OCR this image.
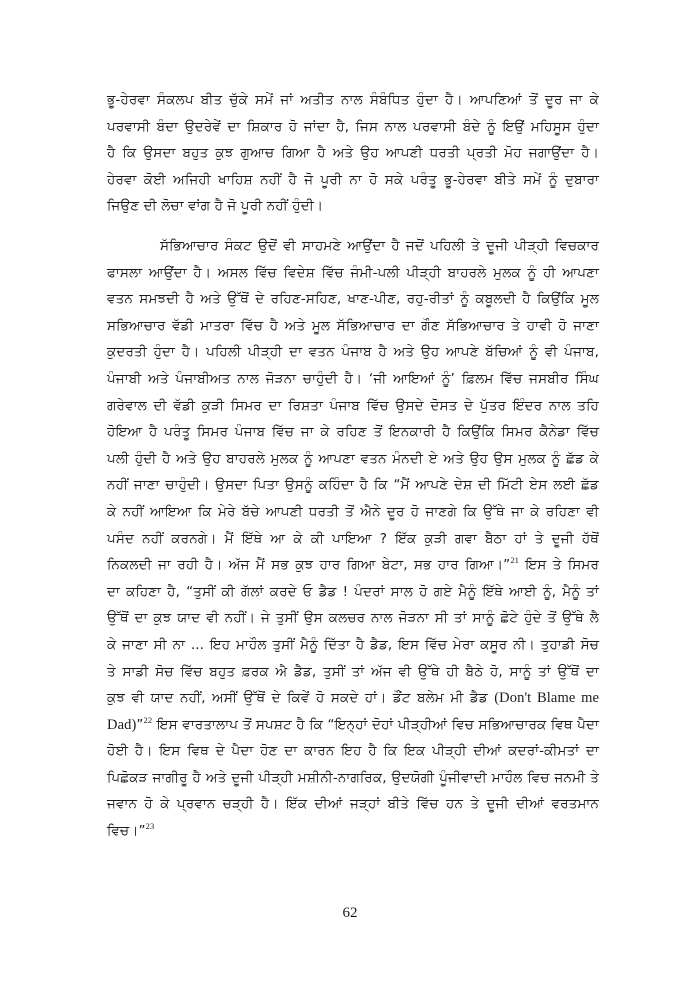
ਭੂ-ਹੇਰਵਾ ਸੰਕਲਪ ਬੀਤ ਚੁੱਕੇ ਸਮੇਂ ਜਾਂ ਅਤੀਤ ਨਾਲ ਸੰਬੰਧਿਤ ਹੁੰਦਾ ਹੈ। ਆਪਣਿਆਂ ਤੋਂ ਦੂਰ ਜਾ ਕੇ
ਪਰਵਾਸੀ ਬੰਦਾ ਉਦਰੇਵੇਂ ਦਾ ਸ਼ਿਕਾਰ ਹੋ ਜਾਂਦਾ ਹੈ, ਜਿਸ ਨਾਲ ਪਰਵਾਸੀ ਬੰਦੇ ਨੂੰ ਇਉਂ ਮਹਿਸੂਸ ਹੁੰਦਾ
ਹੈ ਕਿ ਉਸਦਾ ਬਹੁਤ ਕੁਝ ਗੁਆਚ ਗਿਆ ਹੈ ਅਤੇ ਉਹ ਆਪਣੀ ਧਰਤੀ ਪ੍ਰਤੀ ਮੋਹ ਜਗਾਉਂਦਾ ਹੈ।
ਹੇਰਵਾ ਕੋਈ ਅਜਿਹੀ ਖਾਹਿਸ਼ ਨਹੀਂ ਹੈ ਜੋ ਪੂਰੀ ਨਾ ਹੋ ਸਕੇ ਪਰੰਤੂ ਭੂ-ਹੇਰਵਾ ਬੀਤੇ ਸਮੇਂ ਨੂੰ ਦੁਬਾਰਾ
ਜਿਉਣ ਦੀ ਲੋਚਾ ਵਾਂਗ ਹੈ ਜੋ ਪੂਰੀ ਨਹੀਂ ਹੁੰਦੀ।
ਸੱਭਿਆਚਾਰ ਸੰਕਟ ਉਦੋਂ ਵੀ ਸਾਹਮਣੇ ਆਉਂਦਾ ਹੈ ਜਦੋਂ ਪਹਿਲੀ ਤੇ ਦੂਜੀ ਪੀੜ੍ਹੀ ਵਿਚਕਾਰ
ਫਾਸਲਾ ਆਉਂਦਾ ਹੈ। ਅਸਲ ਵਿੱਚ ਵਿਦੇਸ਼ ਵਿੱਚ ਜੰਮੀ-ਪਲੀ ਪੀੜ੍ਹੀ ਬਾਹਰਲੇ ਮੁਲਕ ਨੂੰ ਹੀ ਆਪਣਾ
ਵਤਨ ਸਮਝਦੀ ਹੈ ਅਤੇ ਉੱਥੋਂ ਦੇ ਰਹਿਣ-ਸਹਿਣ, ਖਾਣ-ਪੀਣ, ਰਹੁ-ਰੀਤਾਂ ਨੂੰ ਕਬੂਲਦੀ ਹੈ ਕਿਉਂਕਿ ਮੂਲ
ਸਭਿਆਚਾਰ ਵੱਡੀ ਮਾਤਰਾ ਵਿੱਚ ਹੈ ਅਤੇ ਮੂਲ ਸੱਭਿਆਚਾਰ ਦਾ ਗੌਣ ਸੱਭਿਆਚਾਰ ਤੇ ਹਾਵੀ ਹੋ ਜਾਣਾ
ਕੁਦਰਤੀ ਹੁੰਦਾ ਹੈ। ਪਹਿਲੀ ਪੀੜ੍ਹੀ ਦਾ ਵਤਨ ਪੰਜਾਬ ਹੈ ਅਤੇ ਉਹ ਆਪਣੇ ਬੱਚਿਆਂ ਨੂੰ ਵੀ ਪੰਜਾਬ,
ਪੰਜਾਬੀ ਅਤੇ ਪੰਜਾਬੀਅਤ ਨਾਲ ਜੋੜਨਾ ਚਾਹੁੰਦੀ ਹੈ। ‘ਜੀ ਆਇਆਂ ਨੂੰ’ ਫ਼ਿਲਮ ਵਿੱਚ ਜਸਬੀਰ ਸਿੰਘ
ਗਰੇਵਾਲ ਦੀ ਵੱਡੀ ਕੁੜੀ ਸਿਮਰ ਦਾ ਰਿਸ਼ਤਾ ਪੰਜਾਬ ਵਿੱਚ ਉਸਦੇ ਦੋਸਤ ਦੇ ਪੁੱਤਰ ਇੰਦਰ ਨਾਲ ਤਹਿ
ਹੋਇਆ ਹੈ ਪਰੰਤੂ ਸਿਮਰ ਪੰਜਾਬ ਵਿੱਚ ਜਾ ਕੇ ਰਹਿਣ ਤੋਂ ਇਨਕਾਰੀ ਹੈ ਕਿਉਂਕਿ ਸਿਮਰ ਕੈਨੇਡਾ ਵਿੱਚ
ਪਲੀ ਹੁੰਦੀ ਹੈ ਅਤੇ ਉਹ ਬਾਹਰਲੇ ਮੁਲਕ ਨੂੰ ਆਪਣਾ ਵਤਨ ਮੰਨਦੀ ਏ ਅਤੇ ਉਹ ਉਸ ਮੁਲਕ ਨੂੰ ਛੱਡ ਕੇ
ਨਹੀਂ ਜਾਣਾ ਚਾਹੁੰਦੀ। ਉਸਦਾ ਪਿਤਾ ਉਸਨੂੰ ਕਹਿੰਦਾ ਹੈ ਕਿ “ਮੈਂ ਆਪਣੇ ਦੇਸ਼ ਦੀ ਮਿੱਟੀ ਏਸ ਲਈ ਛੱਡ
ਕੇ ਨਹੀਂ ਆਇਆ ਕਿ ਮੇਰੇ ਬੱਚੇ ਆਪਣੀ ਧਰਤੀ ਤੋਂ ਐਨੇ ਦੂਰ ਹੋ ਜਾਣਗੇ ਕਿ ਉੱਥੇ ਜਾ ਕੇ ਰਹਿਣਾ ਵੀ
ਪਸੰਦ ਨਹੀਂ ਕਰਨਗੇ। ਮੈਂ ਇੱਥੇ ਆ ਕੇ ਕੀ ਪਾਇਆ ? ਇੱਕ ਕੁੜੀ ਗਵਾ ਬੈਠਾ ਹਾਂ ਤੇ ਦੂਜੀ ਹੱਥੋਂ
ਨਿਕਲਦੀ ਜਾ ਰਹੀ ਹੈ। ਅੱਜ ਮੈਂ ਸਭ ਕੁਝ ਹਾਰ ਗਿਆ ਬੇਟਾ, ਸਭ ਹਾਰ ਗਿਆ।”$^{21}$ ਇਸ ਤੇ ਸਿਮਰ
ਦਾ ਕਹਿਣਾ ਹੈ, “ਤੁਸੀਂ ਕੀ ਗੱਲਾਂ ਕਰਦੇ ਓ ਡੈਡ ! ਪੰਦਰਾਂ ਸਾਲ ਹੋ ਗਏ ਮੈਨੂੰ ਇੱਥੇ ਆਈ ਨੂੰ, ਮੈਨੂੰ ਤਾਂ
ਉੱਥੋਂ ਦਾ ਕੁਝ ਯਾਦ ਵੀ ਨਹੀਂ। ਜੇ ਤੁਸੀਂ ਉਸ ਕਲਚਰ ਨਾਲ ਜੋੜਨਾ ਸੀ ਤਾਂ ਸਾਨੂੰ ਛੋਟੇ ਹੁੰਦੇ ਤੋਂ ਉੱਥੇ ਲੈ
ਕੇ ਜਾਣਾ ਸੀ ਨਾ ... ਇਹ ਮਾਹੌਲ ਤੁਸੀਂ ਮੈਨੂੰ ਦਿੱਤਾ ਹੈ ਡੈਡ, ਇਸ ਵਿੱਚ ਮੇਰਾ ਕਸੂਰ ਨੀ। ਤੁਹਾਡੀ ਸੋਚ
ਤੇ ਸਾਡੀ ਸੋਚ ਵਿੱਚ ਬਹੁਤ ਫ਼ਰਕ ਐ ਡੈਡ, ਤੁਸੀਂ ਤਾਂ ਅੱਜ ਵੀ ਉੱਥੇ ਹੀ ਬੈਠੇ ਹੋ, ਸਾਨੂੰ ਤਾਂ ਉੱਥੋਂ ਦਾ
ਕੁਝ ਵੀ ਯਾਦ ਨਹੀਂ, ਅਸੀਂ ਉੱਥੋਂ ਦੇ ਕਿਵੇਂ ਹੋ ਸਕਦੇ ਹਾਂ। ਡੌਂਟ ਬਲੇਮ ਮੀ ਡੈਡ (Don't Blame me
Dad)”$^{22}$ ਇਸ ਵਾਰਤਾਲਾਪ ਤੋਂ ਸਪਸ਼ਟ ਹੈ ਕਿ “ਇਨ੍ਹਾਂ ਦੋਹਾਂ ਪੀੜ੍ਹੀਆਂ ਵਿਚ ਸਭਿਆਚਾਰਕ ਵਿਥ ਪੈਦਾ
ਹੋਈ ਹੈ। ਇਸ ਵਿਥ ਦੇ ਪੈਦਾ ਹੋਣ ਦਾ ਕਾਰਨ ਇਹ ਹੈ ਕਿ ਇਕ ਪੀੜ੍ਹੀ ਦੀਆਂ ਕਦਰਾਂ-ਕੀਮਤਾਂ ਦਾ
ਪਿਛੋਕੜ ਜਾਗੀਰੂ ਹੈ ਅਤੇ ਦੂਜੀ ਪੀੜ੍ਹੀ ਮਸ਼ੀਨੀ-ਨਾਗਰਿਕ, ਉਦਯੋਗੀ ਪੂੰਜੀਵਾਦੀ ਮਾਹੌਲ ਵਿਚ ਜਨਮੀ ਤੇ
ਜਵਾਨ ਹੋ ਕੇ ਪ੍ਰਵਾਨ ਚੜ੍ਹੀ ਹੈ। ਇੱਕ ਦੀਆਂ ਜੜ੍ਹਾਂ ਬੀਤੇ ਵਿੱਚ ਹਨ ਤੇ ਦੂਜੀ ਦੀਆਂ ਵਰਤਮਾਨ
ਵਿਚ।”$^{23}$
62
